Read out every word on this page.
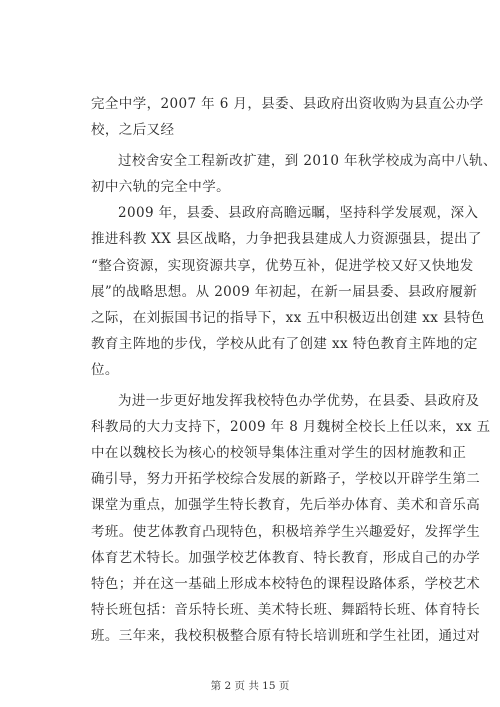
完全中学，2007 年 6 月，县委、县政府出资收购为县直公办学
校，之后又经
过校舍安全工程新改扩建，到 2010 年秋学校成为高中八轨、
初中六轨的完全中学。
2009 年，县委、县政府高瞻远瞩，坚持科学发展观，深入
推进科教 XX 县区战略，力争把我县建成人力资源强县，提出了
“整合资源，实现资源共享，优势互补，促进学校又好又快地发
展”的战略思想。从 2009 年初起，在新一届县委、县政府履新
之际，在刘振国书记的指导下，xx 五中积极迈出创建 xx 县特色
教育主阵地的步伐，学校从此有了创建 xx 特色教育主阵地的定
位。
为进一步更好地发挥我校特色办学优势，在县委、县政府及
科教局的大力支持下，2009 年 8 月魏树全校长上任以来，xx 五
中在以魏校长为核心的校领导集体注重对学生的因材施教和正
确引导，努力开拓学校综合发展的新路子，学校以开辟学生第二
课堂为重点，加强学生特长教育，先后举办体育、美术和音乐高
考班。使艺体教育凸现特色，积极培养学生兴趣爱好，发挥学生
体育艺术特长。加强学校艺体教育、特长教育，形成自己的办学
特色；并在这一基础上形成本校特色的课程设路体系，学校艺术
特长班包括：音乐特长班、美术特长班、舞蹈特长班、体育特长
班。三年来，我校积极整合原有特长培训班和学生社团，通过对
第 2 页 共 15 页
